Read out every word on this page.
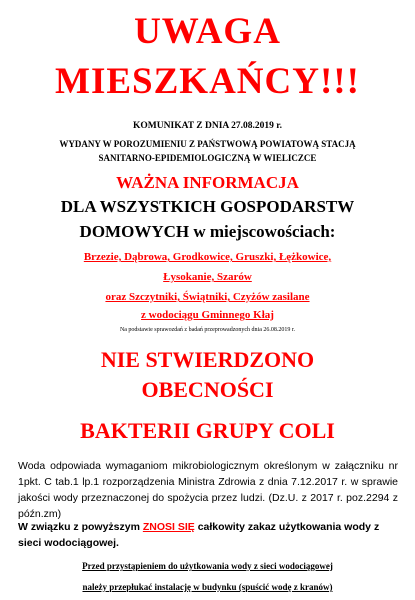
UWAGA
MIESZKAŃCY!!!
KOMUNIKAT Z DNIA 27.08.2019 r.
WYDANY W POROZUMIENIU Z PAŃSTWOWĄ POWIATOWĄ STACJĄ
SANITARNO-EPIDEMIOLOGICZNĄ W WIELICZCE
WAŻNA INFORMACJA
DLA WSZYSTKICH GOSPODARSTW
DOMOWYCH w miejscowościach:
Brzezie, Dąbrowa, Grodkowice, Gruszki, Łężkowice,
Łysokanie, Szarów
oraz Szczytniki, Świątniki, Czyżów zasilane
z wodociągu Gminnego Kłaj
Na podstawie sprawozdań z badań przeprowadzonych dnia 26.08.2019 r.
NIE STWIERDZONO
OBECNOŚCI
BAKTERII GRUPY COLI
Woda odpowiada wymaganiom mikrobiologicznym określonym w załączniku nr 1pkt. C tab.1 lp.1 rozporządzenia Ministra Zdrowia z dnia 7.12.2017 r. w sprawie jakości wody przeznaczonej do spożycia przez ludzi. (Dz.U. z 2017 r. poz.2294 z późn.zm)
W związku z powyższym ZNOSI SIĘ całkowity zakaz użytkowania wody z sieci wodociągowej.
Przed przystąpieniem do użytkowania wody z sieci wodociągowej
należy przepłukać instalację w budynku (spuścić wodę z kranów)
